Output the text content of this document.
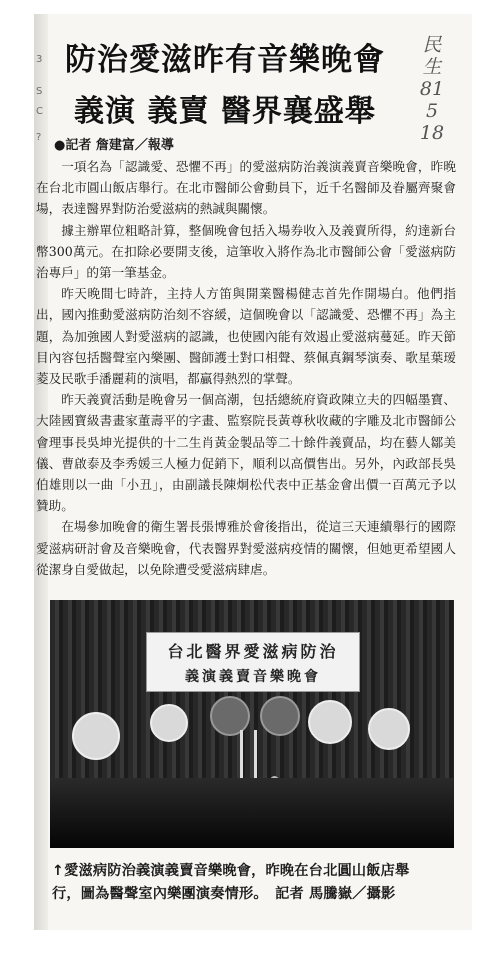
3
S
C
?
民
生
81
5
18
防治愛滋昨有音樂晚會
義演 義賣 醫界襄盛舉
●記者 詹建富／報導

一項名為「認識愛、恐懼不再」的愛滋病防治義演義賣音樂晚會，昨晚在台北市圓山飯店舉行。在北市醫師公會動員下，近千名醫師及眷屬齊聚會場，表達醫界對防治愛滋病的熱誠與關懷。

據主辦單位粗略計算，整個晚會包括入場券收入及義賣所得，約達新台幣300萬元。在扣除必要開支後，這筆收入將作為北市醫師公會「愛滋病防治專戶」的第一筆基金。

昨天晚間七時許，主持人方笛與開業醫楊健志首先作開場白。他們指出，國內推動愛滋病防治刻不容緩，這個晚會以「認識愛、恐懼不再」為主題，為加強國人對愛滋病的認識，也使國內能有效遏止愛滋病蔓延。昨天節目內容包括醫聲室內樂團、醫師護士對口相聲、蔡佩真鋼琴演奏、歌星葉瑷菱及民歌手潘麗莉的演唱，都贏得熱烈的掌聲。

昨天義賣活動是晚會另一個高潮，包括總統府資政陳立夫的四幅墨寶、大陸國寶級書畫家董壽平的字畫、監察院長黃尊秋收藏的字雕及北市醫師公會理事長吳坤光提供的十二生肖黃金製品等二十餘件義賣品，均在藝人鄒美儀、曹啟泰及李秀媛三人極力促銷下，順利以高價售出。另外，內政部長吳伯雄則以一曲「小丑」，由副議長陳炯松代表中正基金會出價一百萬元予以贊助。

在場參加晚會的衛生署長張博雅於會後指出，從這三天連續舉行的國際愛滋病研討會及音樂晚會，代表醫界對愛滋病疫情的關懷，但她更希望國人從潔身自愛做起，以免除遭受愛滋病肆虐。

台北醫界愛滋病防治
義演義賣音樂晚會
↑愛滋病防治義演義賣音樂晚會，昨晚在台北圓山飯店舉
行，圖為醫聲室內樂團演奏情形。　記者 馬騰嶽／攝影
